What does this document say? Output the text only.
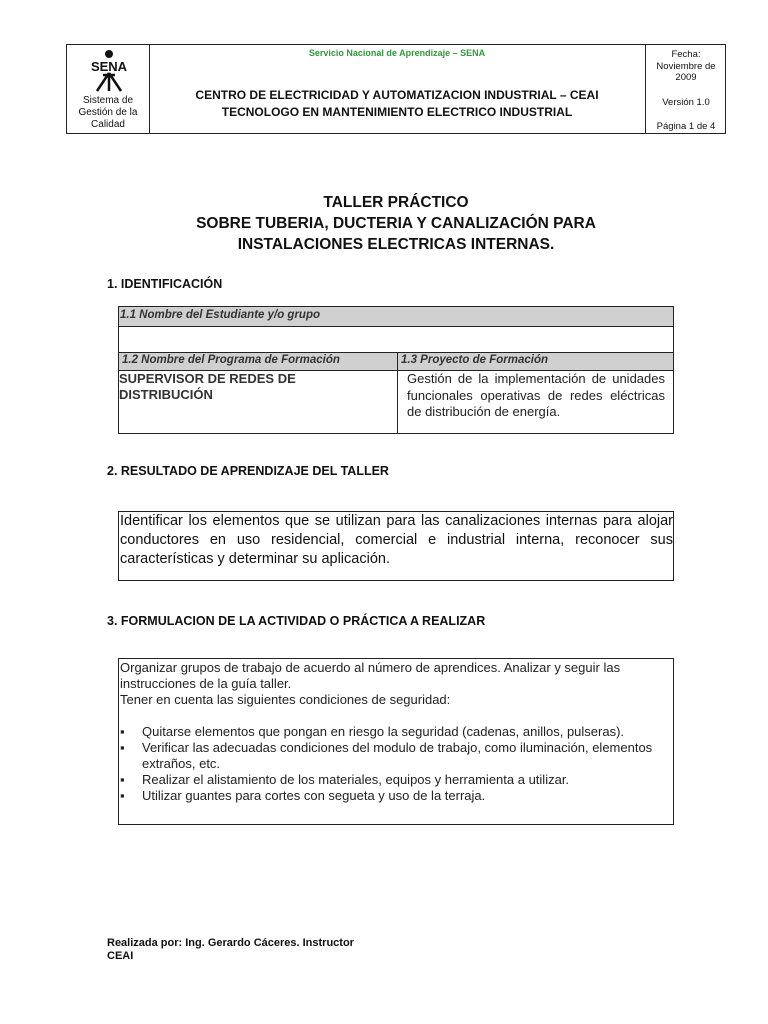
SENA
Sistema de Gestión de la Calidad
Servicio Nacional de Aprendizaje – SENA
CENTRO DE ELECTRICIDAD Y AUTOMATIZACION INDUSTRIAL – CEAI
TECNOLOGO EN MANTENIMIENTO ELECTRICO INDUSTRIAL
Fecha:
Noviembre de 2009
Versión 1.0
Página 1 de 4
TALLER PRÁCTICO
SOBRE TUBERIA, DUCTERIA Y CANALIZACIÓN PARA
INSTALACIONES ELECTRICAS INTERNAS.
1. IDENTIFICACIÓN
1.1 Nombre del Estudiante y/o grupo
1.2 Nombre del Programa de Formación	1.3 Proyecto de Formación
SUPERVISOR DE REDES DE DISTRIBUCIÓN
Gestión de la implementación de unidades funcionales operativas de redes eléctricas de distribución de energía.
2. RESULTADO DE APRENDIZAJE DEL TALLER
Identificar los elementos que se utilizan para las canalizaciones internas para alojar conductores en uso residencial, comercial e industrial interna, reconocer sus características y determinar su aplicación.
3. FORMULACION DE LA ACTIVIDAD O PRÁCTICA A REALIZAR
Organizar grupos de trabajo de acuerdo al número de aprendices. Analizar y seguir las instrucciones de la guía taller.
Tener en cuenta las siguientes condiciones de seguridad:
▪ Quitarse elementos que pongan en riesgo la seguridad (cadenas, anillos, pulseras).
▪ Verificar las adecuadas condiciones del modulo de trabajo, como iluminación, elementos extraños, etc.
▪ Realizar el alistamiento de los materiales, equipos y herramienta a utilizar.
▪ Utilizar guantes para cortes con segueta y uso de la terraja.
Realizada por: Ing. Gerardo Cáceres. Instructor
CEAI
